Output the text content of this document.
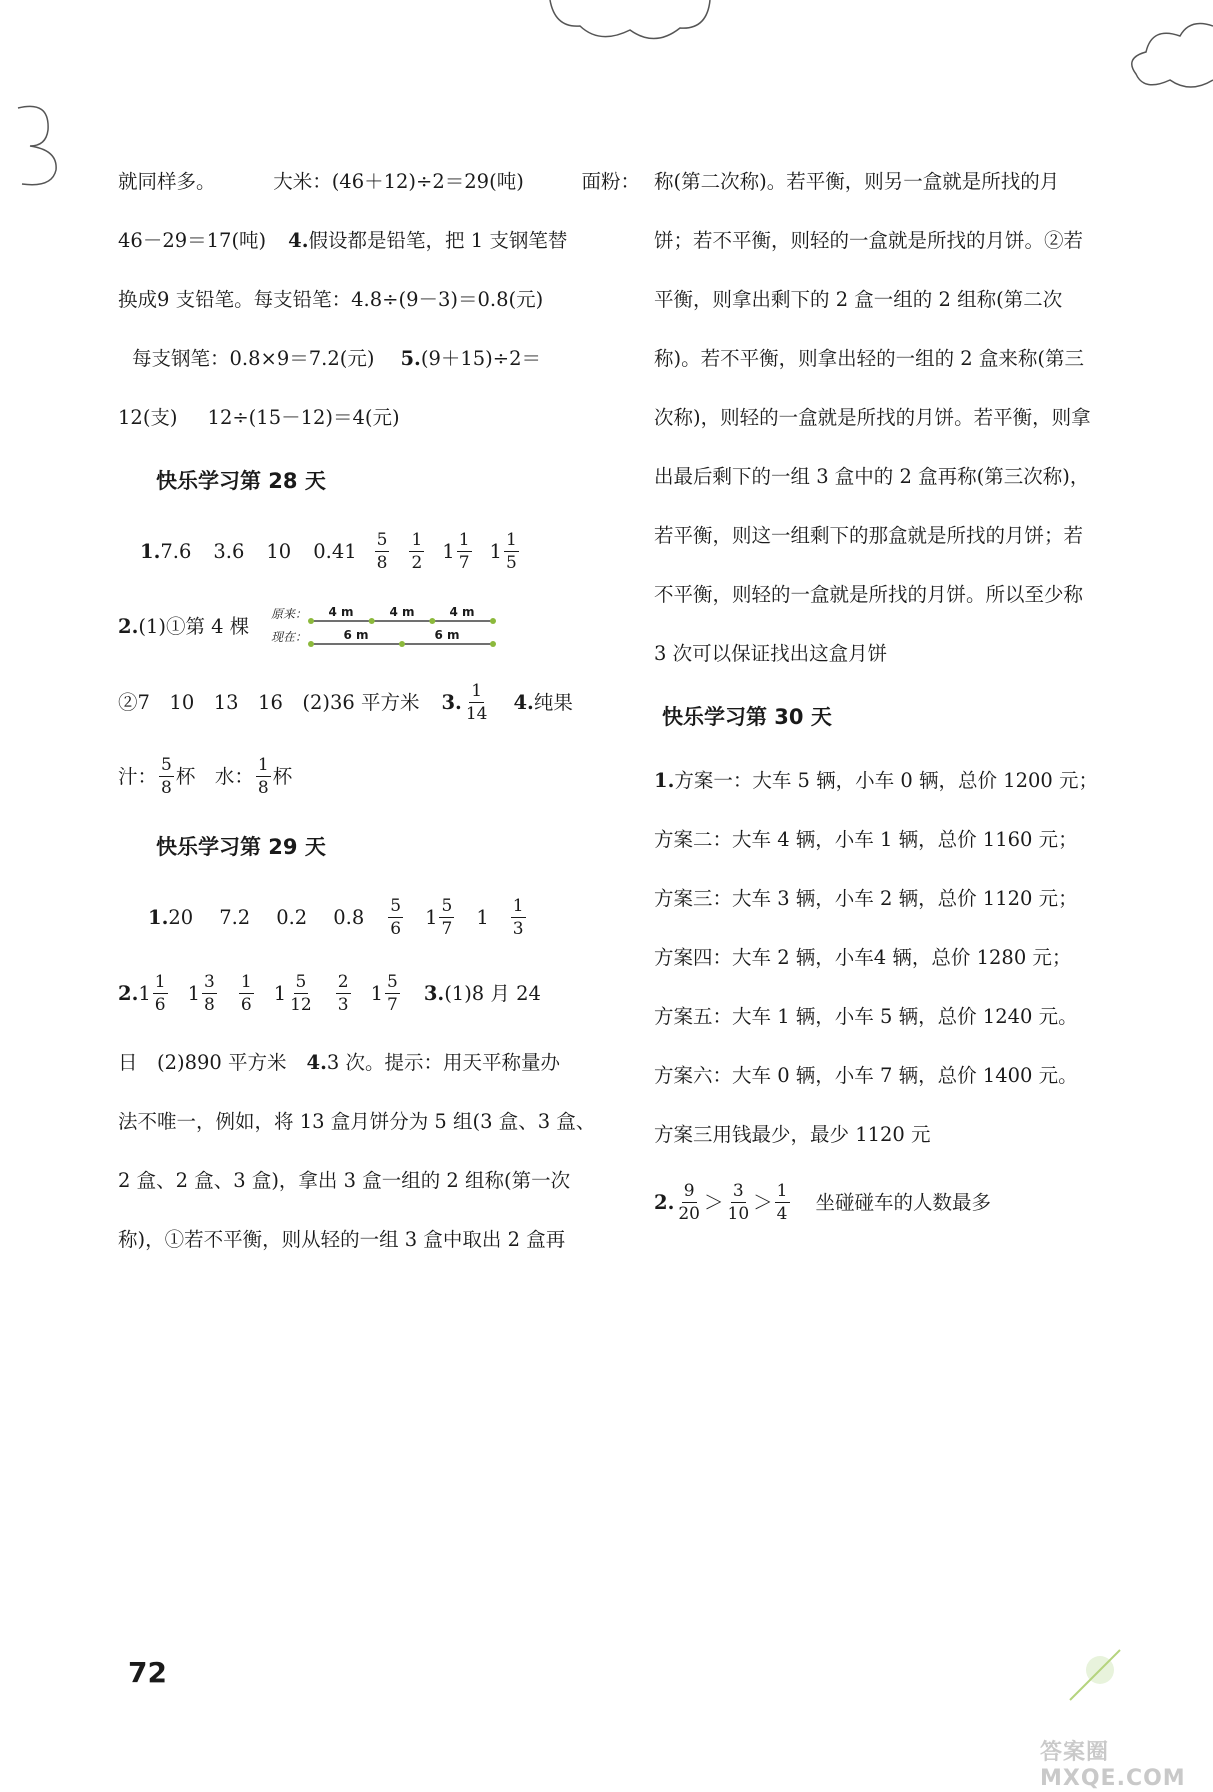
就同样多。	大米：(46＋12)÷2＝29(吨)	面粉：
46－29＝17(吨) 4. 假设都是铅笔，把 1 支钢笔替
换成9 支铅笔。每支铅笔：4.8÷(9－3)＝0.8(元)
每支钢笔：0.8×9＝7.2(元) 5. (9＋15)÷2＝
12(支) 12÷(15－12)＝4(元)
快乐学习第 28 天
1. 7.6 3.6 10 $0.41 \frac{5}{8} \frac{1}{2} 1 \frac{1}{7} 1 \frac{1}{5}$
2. (1)①第 4 棵
原来：
现在：
4 m	4 m	4 m
6 m	6 m
②7　10　13　16　(2)36 平方米 3. $\frac{1}{14} 4$. 纯果
汁： $\frac{5}{8}$ 杯　水： $\frac{1}{8}$ 杯
快乐学习第 29 天
1. 20 7.2 0.2 $0.8 \frac{5}{6} 1 \frac{5}{7} 1 \frac{1}{3}$
2. $1 \frac{1}{6} 1 \frac{3}{8} \frac{1}{6} 1 \frac{5}{12} \frac{2}{3} 1 \frac{5}{7} 3$. (1)8 月 24
日　(2)890 平方米 4. 3 次。提示：用天平称量办
法不唯一，例如，将 13 盒月饼分为 5 组(3 盒、3 盒、
2 盒、2 盒、3 盒)，拿出 3 盒一组的 2 组称(第一次
称)，①若不平衡，则从轻的一组 3 盒中取出 2 盒再
称(第二次称)。若平衡，则另一盒就是所找的月
饼；若不平衡，则轻的一盒就是所找的月饼。②若
平衡，则拿出剩下的 2 盒一组的 2 组称(第二次
称)。若不平衡，则拿出轻的一组的 2 盒来称(第三
次称)，则轻的一盒就是所找的月饼。若平衡，则拿
出最后剩下的一组 3 盒中的 2 盒再称(第三次称)，
若平衡，则这一组剩下的那盒就是所找的月饼；若
不平衡，则轻的一盒就是所找的月饼。所以至少称
3 次可以保证找出这盒月饼
快乐学习第 30 天
1. 方案一：大车 5 辆，小车 0 辆，总价 1200 元；
方案二：大车 4 辆，小车 1 辆，总价 1160 元；
方案三：大车 3 辆，小车 2 辆，总价 1120 元；
方案四：大车 2 辆，小车4 辆，总价 1280 元；
方案五：大车 1 辆，小车 5 辆，总价 1240 元。
方案六：大车 0 辆，小车 7 辆，总价 1400 元。
方案三用钱最少，最少 1120 元
2. $\frac{9}{20} > \frac{3}{10} > \frac{1}{4}$ 坐碰碰车的人数最多
72
答案圈 MXQE.COM
